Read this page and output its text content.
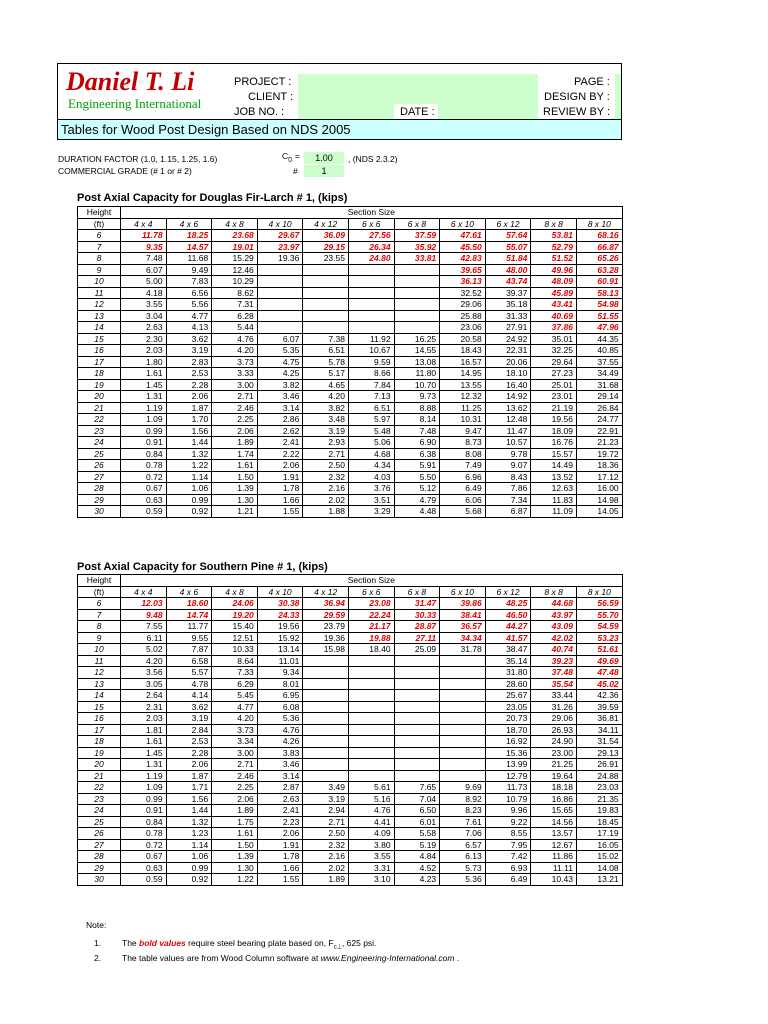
Daniel T. Li
Engineering International
PROJECT :
CLIENT :
JOB NO. :	DATE :
PAGE :
DESIGN BY :
REVIEW BY :
Tables for Wood Post Design Based on NDS 2005
DURATION FACTOR (1.0, 1.15, 1.25, 1.6)
COMMERCIAL GRADE (# 1 or # 2)
$C_D$ =
#
1.00
1
, (NDS 2.3.2)
Post Axial Capacity for Douglas Fir-Larch # 1, (kips)
Height	Section Size										
(ft)	4 x 4	4 x 6	4 x 8	4 x 10	4 x 12	6 x 6	6 x 8	6 x 10	6 x 12	8 x 8	8 x 10
6	11.78	18.25	23.68	29.67	36.09	27.56	37.59	47.61	57.64	53.81	68.16
7	9.35	14.57	19.01	23.97	29.15	26.34	35.92	45.50	55.07	52.79	66.87
8	7.48	11.68	15.29	19.36	23.55	24.80	33.81	42.83	51.84	51.52	65.26
9	6.07	9.49	12.46					39.65	48.00	49.96	63.28
10	5.00	7.83	10.29					36.13	43.74	48.09	60.91
11	4.18	6.56	8.62					32.52	39.37	45.89	58.13
12	3.55	5.56	7.31					29.06	35.18	43.41	54.98
13	3.04	4.77	6.28					25.88	31.33	40.69	51.55
14	2.63	4.13	5.44					23.06	27.91	37.86	47.96
15	2.30	3.62	4.76	6.07	7.38	11.92	16.25	20.58	24.92	35.01	44.35
16	2.03	3.19	4.20	5.35	6.51	10.67	14.55	18.43	22.31	32.25	40.85
17	1.80	2.83	3.73	4.75	5.78	9.59	13.08	16.57	20.06	29.64	37.55
18	1.61	2.53	3.33	4.25	5.17	8.66	11.80	14.95	18.10	27.23	34.49
19	1.45	2.28	3.00	3.82	4.65	7.84	10.70	13.55	16.40	25.01	31.68
20	1.31	2.06	2.71	3.46	4.20	7.13	9.73	12.32	14.92	23.01	29.14
21	1.19	1.87	2.46	3.14	3.82	6.51	8.88	11.25	13.62	21.19	26.84
22	1.09	1.70	2.25	2.86	3.48	5.97	8.14	10.31	12.48	19.56	24.77
23	0.99	1.56	2.06	2.62	3.19	5.48	7.48	9.47	11.47	18.09	22.91
24	0.91	1.44	1.89	2.41	2.93	5.06	6.90	8.73	10.57	16.76	21.23
25	0.84	1.32	1.74	2.22	2.71	4.68	6.38	8.08	9.78	15.57	19.72
26	0.78	1.22	1.61	2.06	2.50	4.34	5.91	7.49	9.07	14.49	18.36
27	0.72	1.14	1.50	1.91	2.32	4.03	5.50	6.96	8.43	13.52	17.12
28	0.67	1.06	1.39	1.78	2.16	3.76	5.12	6.49	7.86	12.63	16.00
29	0.63	0.99	1.30	1.66	2.02	3.51	4.79	6.06	7.34	11.83	14.98
30	0.59	0.92	1.21	1.55	1.88	3.29	4.48	5.68	6.87	11.09	14.05
Post Axial Capacity for Southern Pine # 1, (kips)
Height	Section Size										
(ft)	4 x 4	4 x 6	4 x 8	4 x 10	4 x 12	6 x 6	6 x 8	6 x 10	6 x 12	8 x 8	8 x 10
6	12.03	18.60	24.06	30.38	36.94	23.08	31.47	39.86	48.25	44.68	56.59
7	9.48	14.74	19.20	24.33	29.59	22.24	30.33	38.41	46.50	43.97	55.70
8	7.55	11.77	15.40	19.56	23.79	21.17	28.87	36.57	44.27	43.09	54.59
9	6.11	9.55	12.51	15.92	19.36	19.88	27.11	34.34	41.57	42.02	53.23
10	5.02	7.87	10.33	13.14	15.98	18.40	25.09	31.78	38.47	40.74	51.61
11	4.20	6.58	8.64	11.01					35.14	39.23	49.69
12	3.56	5.57	7.33	9.34					31.80	37.48	47.48
13	3.05	4.78	6.29	8.01					28.60	35.54	45.02
14	2.64	4.14	5.45	6.95					25.67	33.44	42.36
15	2.31	3.62	4.77	6.08					23.05	31.26	39.59
16	2.03	3.19	4.20	5.36					20.73	29.06	36.81
17	1.81	2.84	3.73	4.76					18.70	26.93	34.11
18	1.61	2.53	3.34	4.26					16.92	24.90	31.54
19	1.45	2.28	3.00	3.83					15.36	23.00	29.13
20	1.31	2.06	2.71	3.46					13.99	21.25	26.91
21	1.19	1.87	2.46	3.14					12.79	19.64	24.88
22	1.09	1.71	2.25	2.87	3.49	5.61	7.65	9.69	11.73	18.18	23.03
23	0.99	1.56	2.06	2.63	3.19	5.16	7.04	8.92	10.79	16.86	21.35
24	0.91	1.44	1.89	2.41	2.94	4.76	6.50	8.23	9.96	15.65	19.83
25	0.84	1.32	1.75	2.23	2.71	4.41	6.01	7.61	9.22	14.56	18.45
26	0.78	1.23	1.61	2.06	2.50	4.09	5.58	7.06	8.55	13.57	17.19
27	0.72	1.14	1.50	1.91	2.32	3.80	5.19	6.57	7.95	12.67	16.05
28	0.67	1.06	1.39	1.78	2.16	3.55	4.84	6.13	7.42	11.86	15.02
29	0.63	0.99	1.30	1.66	2.02	3.31	4.52	5.73	6.93	11.11	14.08
30	0.59	0.92	1.22	1.55	1.89	3.10	4.23	5.36	6.49	10.43	13.21
Note:
1. The bold values require steel bearing plate based on, $F_{c\perp}$, 625 psi.
2. The table values are from Wood Column software at www.Engineering-International.com .
